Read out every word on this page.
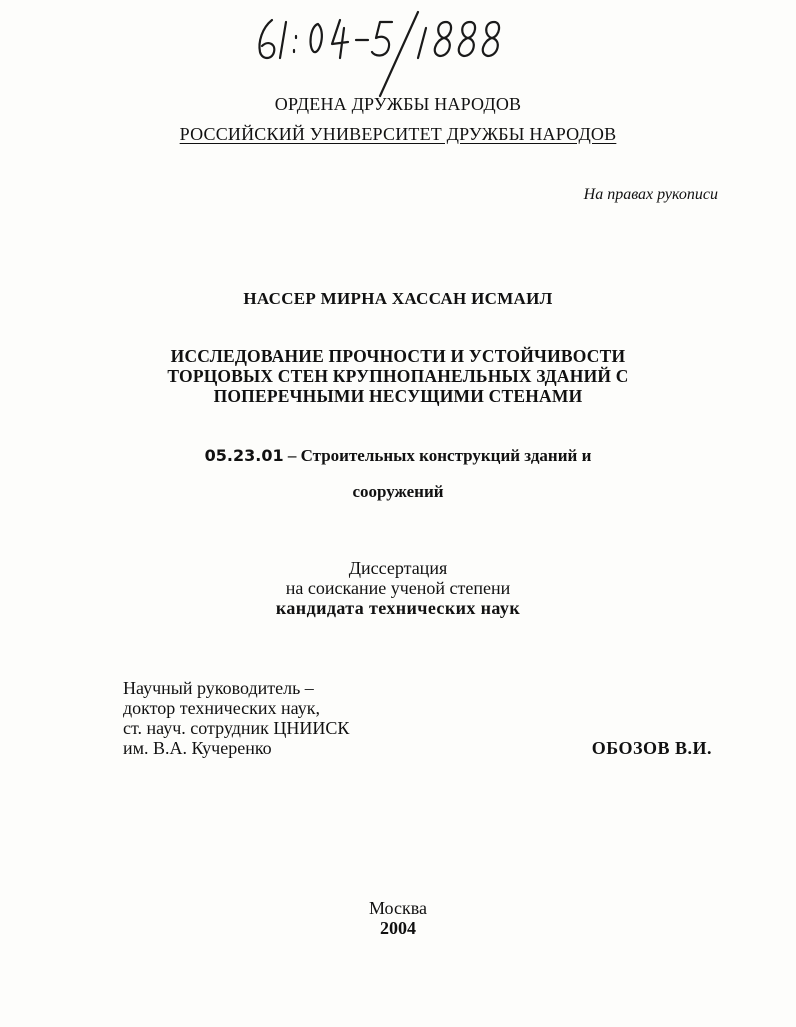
ОРДЕНА ДРУЖБЫ НАРОДОВ
РОССИЙСКИЙ УНИВЕРСИТЕТ ДРУЖБЫ НАРОДОВ
На правах рукописи
НАССЕР МИРНА ХАССАН ИСМАИЛ
ИССЛЕДОВАНИЕ ПРОЧНОСТИ И УСТОЙЧИВОСТИ
ТОРЦОВЫХ СТЕН КРУПНОПАНЕЛЬНЫХ ЗДАНИЙ С
ПОПЕРЕЧНЫМИ НЕСУЩИМИ СТЕНАМИ
05.23.01 – Строительных конструкций зданий и
сооружений
Диссертация
на соискание ученой степени
кандидата технических наук
Научный руководитель –
доктор технических наук,
ст. науч. сотрудник ЦНИИСК
им. В.А. Кучеренко	ОБОЗОВ В.И.
Москва
2004
